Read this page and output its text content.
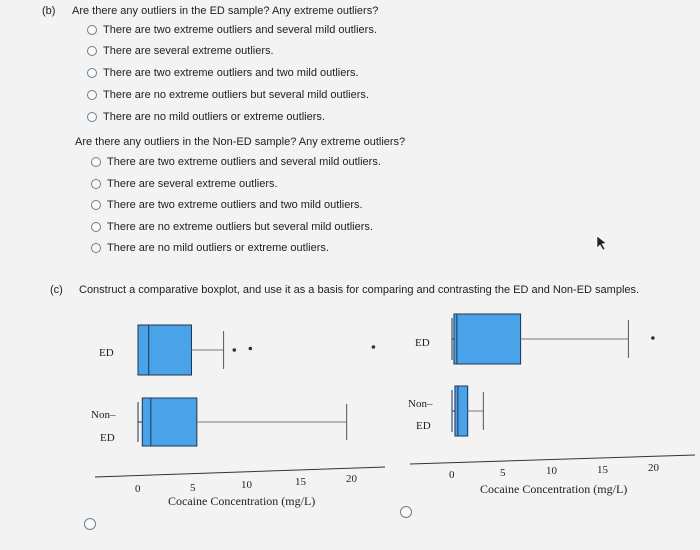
(b) Are there any outliers in the ED sample? Any extreme outliers?
There are two extreme outliers and several mild outliers.
There are several extreme outliers.
There are two extreme outliers and two mild outliers.
There are no extreme outliers but several mild outliers.
There are no mild outliers or extreme outliers.
Are there any outliers in the Non-ED sample? Any extreme outliers?
There are two extreme outliers and several mild outliers.
There are several extreme outliers.
There are two extreme outliers and two mild outliers.
There are no extreme outliers but several mild outliers.
There are no mild outliers or extreme outliers.
(c) Construct a comparative boxplot, and use it as a basis for comparing and contrasting the ED and Non-ED samples.
ED
Non–
ED
0	5	10	15	20
Cocaine Concentration (mg/L)
ED
Non–
ED
0	5	10	15	20
Cocaine Concentration (mg/L)
